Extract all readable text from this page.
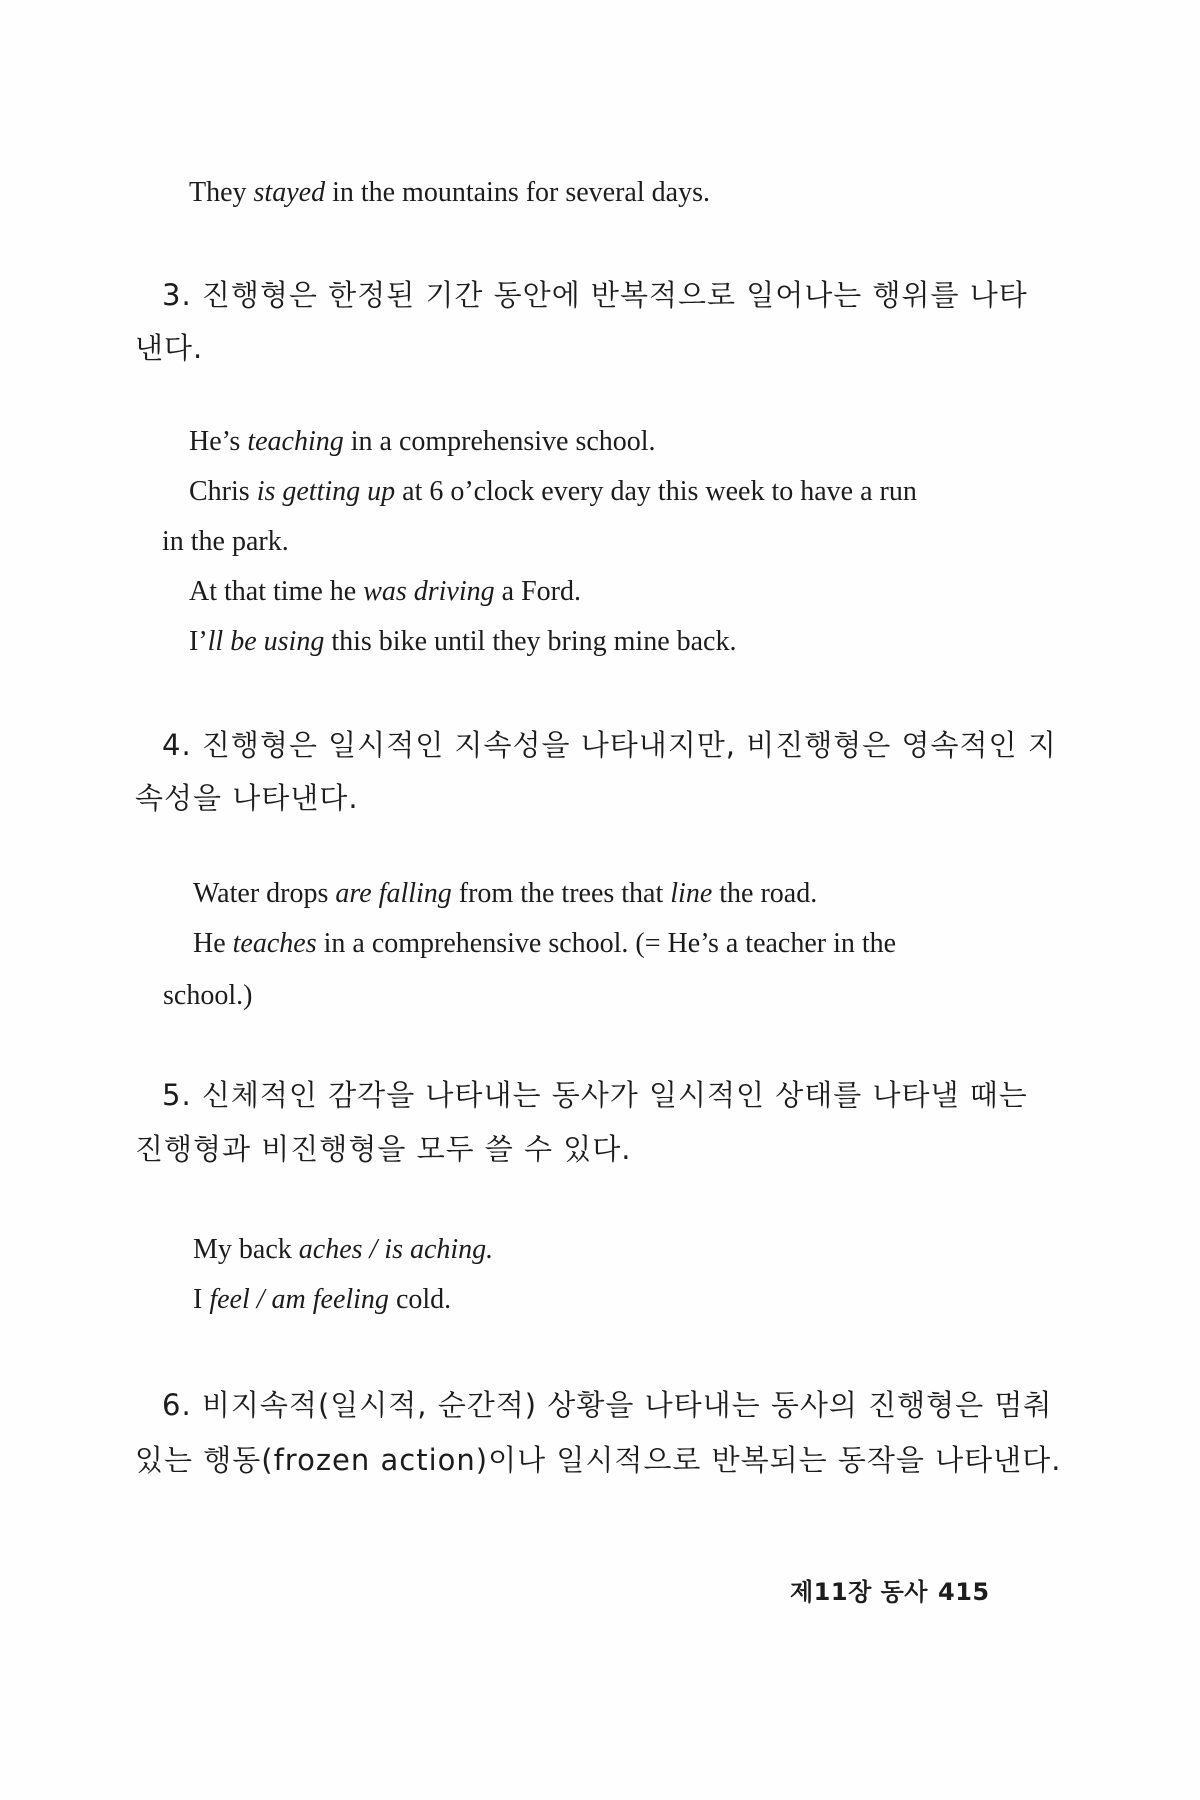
They stayed in the mountains for several days.
3. 진행형은 한정된 기간 동안에 반복적으로 일어나는 행위를 나타
낸다.
He’s teaching in a comprehensive school.
Chris is getting up at 6 o’clock every day this week to have a run
in the park.
At that time he was driving a Ford.
I’ll be using this bike until they bring mine back.
4. 진행형은 일시적인 지속성을 나타내지만, 비진행형은 영속적인 지
속성을 나타낸다.
Water drops are falling from the trees that line the road.
He teaches in a comprehensive school. (= He’s a teacher in the
school.)
5. 신체적인 감각을 나타내는 동사가 일시적인 상태를 나타낼 때는
진행형과 비진행형을 모두 쓸 수 있다.
My back aches / is aching.
I feel / am feeling cold.
6. 비지속적(일시적, 순간적) 상황을 나타내는 동사의 진행형은 멈춰
있는 행동(frozen action)이나 일시적으로 반복되는 동작을 나타낸다.
제11장 동사 415
